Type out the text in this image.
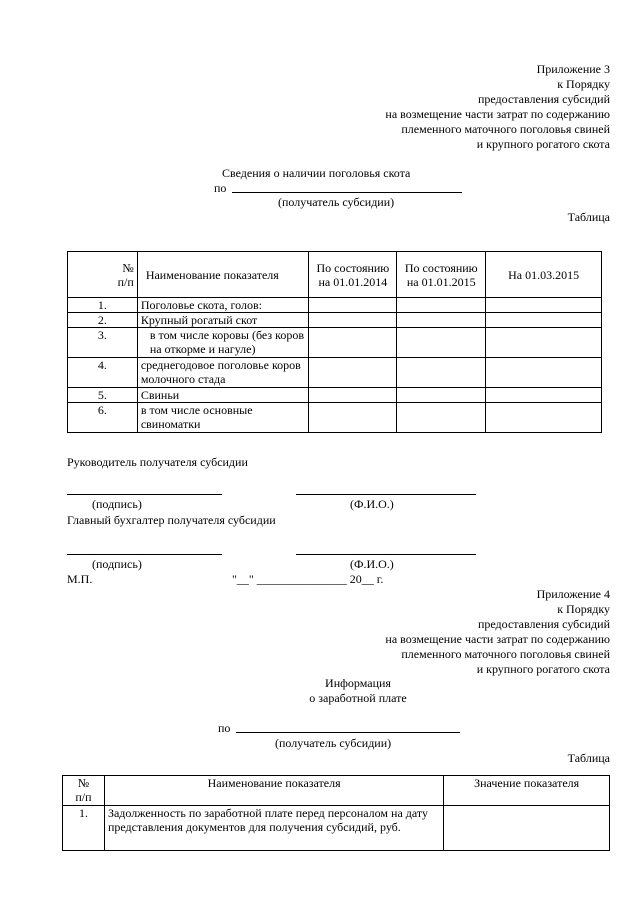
Приложение 3
к Порядку
предоставления субсидий
на возмещение части затрат по содержанию
племенного маточного поголовья свиней
и крупного рогатого скота
Сведения о наличии поголовья скота
по
(получатель субсидии)
Таблица
№ п/п	Наименование показателя	По состоянию на 01.01.2014	По состоянию на 01.01.2015	На 01.03.2015
1.	Поголовье скота, голов:			
2.	Крупный рогатый скот			
3.	в том числе коровы (без коров на откорме и нагуле)			
4.	среднегодовое поголовье коров молочного стада			
5.	Свиньи			
6.	в том числе основные свиноматки			
Руководитель получателя субсидии
(подпись)	(Ф.И.О.)
Главный бухгалтер получателя субсидии
(подпись)	(Ф.И.О.)
М.П.	"__" _______________ 20__ г.
Приложение 4
к Порядку
предоставления субсидий
на возмещение части затрат по содержанию
племенного маточного поголовья свиней
и крупного рогатого скота
Информация
о заработной плате
по
(получатель субсидии)
Таблица
№ п/п	Наименование показателя	Значение показателя
1.	Задолженность по заработной плате перед персоналом на дату представления документов для получения субсидий, руб.	
